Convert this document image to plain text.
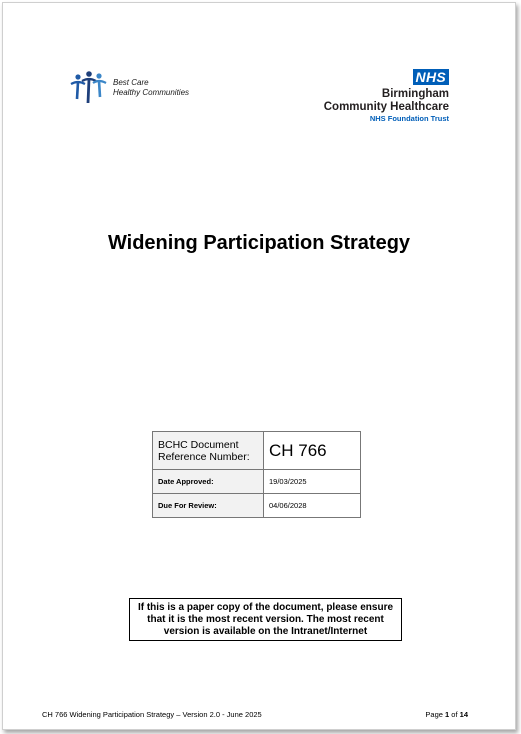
Best Care
Healthy Communities
NHS
Birmingham
Community Healthcare
NHS Foundation Trust
Widening Participation Strategy
BCHC Document Reference Number:	CH 766
Date Approved:	19/03/2025
Due For Review:	04/06/2028
If this is a paper copy of the document, please ensure that it is the most recent version. The most recent version is available on the Intranet/Internet
CH 766 Widening Participation Strategy – Version 2.0 - June 2025	Page 1 of 14
